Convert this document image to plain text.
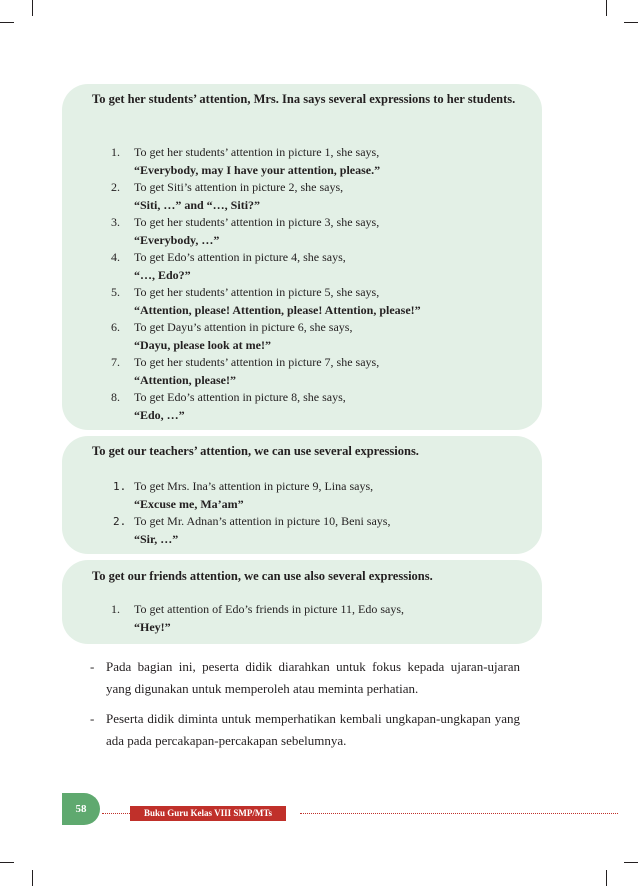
To get her students’ attention, Mrs. Ina says several expressions to her students.
1.	To get her students’ attention in picture 1, she says,
“Everybody, may I have your attention, please.”
2.	To get Siti’s attention in picture 2, she says,
“Siti, …” and “…, Siti?”
3.	To get her students’ attention in picture 3, she says,
“Everybody, …”
4.	To get Edo’s attention in picture 4, she says,
“…, Edo?”
5.	To get her students’ attention in picture 5, she says,
“Attention, please! Attention, please! Attention, please!”
6.	To get Dayu’s attention in picture 6, she says,
“Dayu, please look at me!”
7.	To get her students’ attention in picture 7, she says,
“Attention, please!”
8.	To get Edo’s attention in picture 8, she says,
“Edo, …”
To get our teachers’ attention, we can use several expressions.
1. To get Mrs. Ina’s attention in picture 9, Lina says,
“Excuse me, Ma’am”
2. To get Mr. Adnan’s attention in picture 10, Beni says,
“Sir, …”
To get our friends attention, we can use also several expressions.
1.	To get attention of Edo’s friends in picture 11, Edo says,
“Hey!”
- Pada bagian ini, peserta didik diarahkan untuk fokus kepada ujaran-ujaran yang digunakan untuk memperoleh atau meminta perhatian.
- Peserta didik diminta untuk memperhatikan kembali ungkapan-ungkapan yang ada pada percakapan-percakapan sebelumnya.
58	Buku Guru Kelas VIII SMP/MTs
